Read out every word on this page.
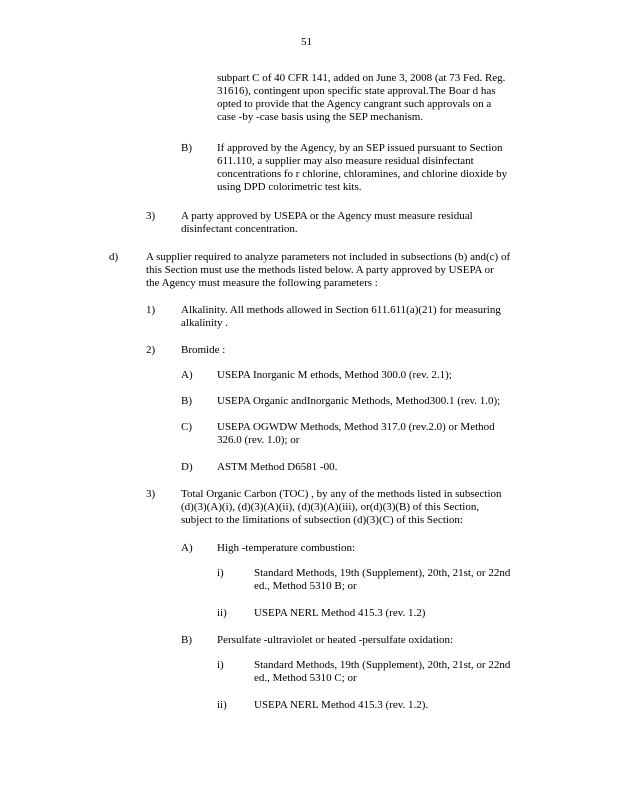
51
subpart C of 40 CFR 141, added on June 3, 2008 (at 73 Fed. Reg.
31616), contingent upon specific state approval.The Boar d has
opted to provide that the Agency cangrant such approvals on a
case -by -case basis using the SEP mechanism.
B) If approved by the Agency, by an SEP issued pursuant to Section
611.110, a supplier may also measure residual disinfectant
concentrations fo r chlorine, chloramines, and chlorine dioxide by
using DPD colorimetric test kits.
3) A party approved by USEPA or the Agency must measure residual
disinfectant concentration.
d)	A supplier required to analyze parameters not included in subsections (b) and(c) of
this Section must use the methods listed below. A party approved by USEPA or
the Agency must measure the following parameters :
1) Alkalinity. All methods allowed in Section 611.611(a)(21) for measuring
alkalinity .
2) Bromide :
A) USEPA Inorganic M ethods, Method 300.0 (rev. 2.1);
B) USEPA Organic andInorganic Methods, Method300.1 (rev. 1.0);
C) USEPA OGWDW Methods, Method 317.0 (rev.2.0) or Method
326.0 (rev. 1.0); or
D) ASTM Method D6581 -00.
3) Total Organic Carbon (TOC) , by any of the methods listed in subsection
(d)(3)(A)(i), (d)(3)(A)(ii), (d)(3)(A)(iii), or(d)(3)(B) of this Section,
subject to the limitations of subsection (d)(3)(C) of this Section:
A) High -temperature combustion:
i)	Standard Methods, 19th (Supplement), 20th, 21st, or 22nd
ed., Method 5310 B; or
ii) USEPA NERL Method 415.3 (rev. 1.2)
B) Persulfate -ultraviolet or heated -persulfate oxidation:
i)	Standard Methods, 19th (Supplement), 20th, 21st, or 22nd
ed., Method 5310 C; or
ii) USEPA NERL Method 415.3 (rev. 1.2).
